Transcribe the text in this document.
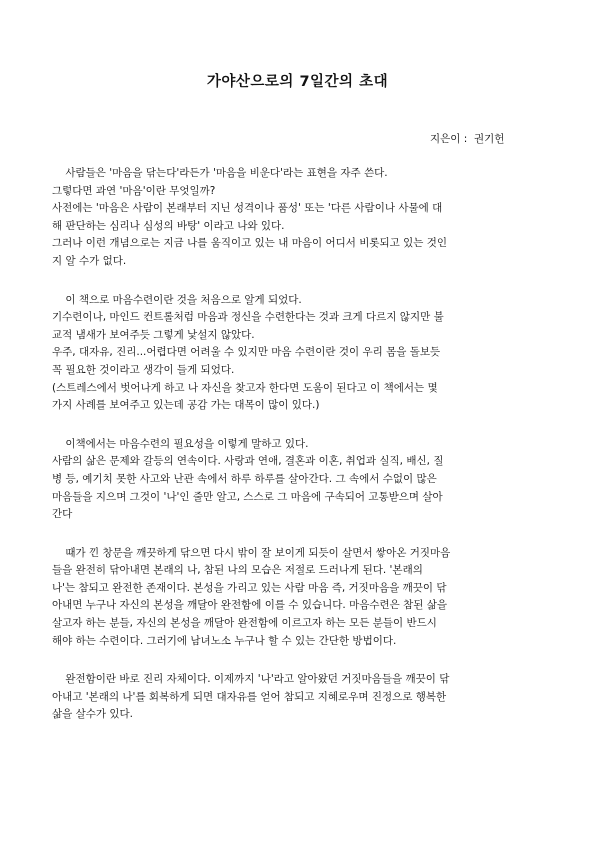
가야산으로의 7일간의 초대
지은이 :  권기헌
사람들은 '마음을 닦는다'라든가 '마음을 비운다'라는 표현을 자주 쓴다.
그렇다면 과연 '마음'이란 무엇일까?
사전에는 '마음은 사람이 본래부터 지닌 성격이나 품성' 또는 '다른 사람이나 사물에 대
해 판단하는 심리나 심성의 바탕' 이라고 나와 있다.
그러나 이런 개념으로는 지금 나를 움직이고 있는 내 마음이 어디서 비롯되고 있는 것인
지 알 수가 없다.
이 책으로 마음수련이란 것을 처음으로 알게 되었다.
기수련이나, 마인드 컨트롤처럼 마음과 정신을 수련한다는 것과 크게 다르지 않지만 불
교적 냄새가 보여주듯 그렇게 낯설지 않았다.
우주, 대자유, 진리...어렵다면 어려울 수 있지만 마음 수련이란 것이 우리 몸을 돌보듯
꼭 필요한 것이라고 생각이 들게 되었다.
(스트레스에서 벗어나게 하고 나 자신을 찾고자 한다면 도움이 된다고 이 책에서는 몇
가지 사례를 보여주고 있는데 공감 가는 대목이 많이 있다.)
이책에서는 마음수련의 필요성을 이렇게 말하고 있다.
사람의 삶은 문제와 갈등의 연속이다. 사랑과 연애, 결혼과 이혼, 취업과 실직, 배신, 질
병 등, 예기치 못한 사고와 난관 속에서 하루 하루를 살아간다. 그 속에서 수없이 많은
마음들을 지으며 그것이 '나'인 줄만 알고, 스스로 그 마음에 구속되어 고통받으며 살아
간다
때가 낀 창문을 깨끗하게 닦으면 다시 밖이 잘 보이게 되듯이 살면서 쌓아온 거짓마음
들을 완전히 닦아내면 본래의 나, 참된 나의 모습은 저절로 드러나게 된다. '본래의
나'는 참되고 완전한 존재이다. 본성을 가리고 있는 사람 마음 즉, 거짓마음을 깨끗이 닦
아내면 누구나 자신의 본성을 깨달아 완전함에 이를 수 있습니다. 마음수련은 참된 삶을
살고자 하는 분들, 자신의 본성을 깨달아 완전함에 이르고자 하는 모든 분들이 반드시
해야 하는 수련이다. 그러기에 남녀노소 누구나 할 수 있는 간단한 방법이다.
완전함이란 바로 진리 자체이다. 이제까지 '나'라고 알아왔던 거짓마음들을 깨끗이 닦
아내고 '본래의 나'를 회복하게 되면 대자유를 얻어 참되고 지혜로우며 진정으로 행복한
삶을 살수가 있다.
